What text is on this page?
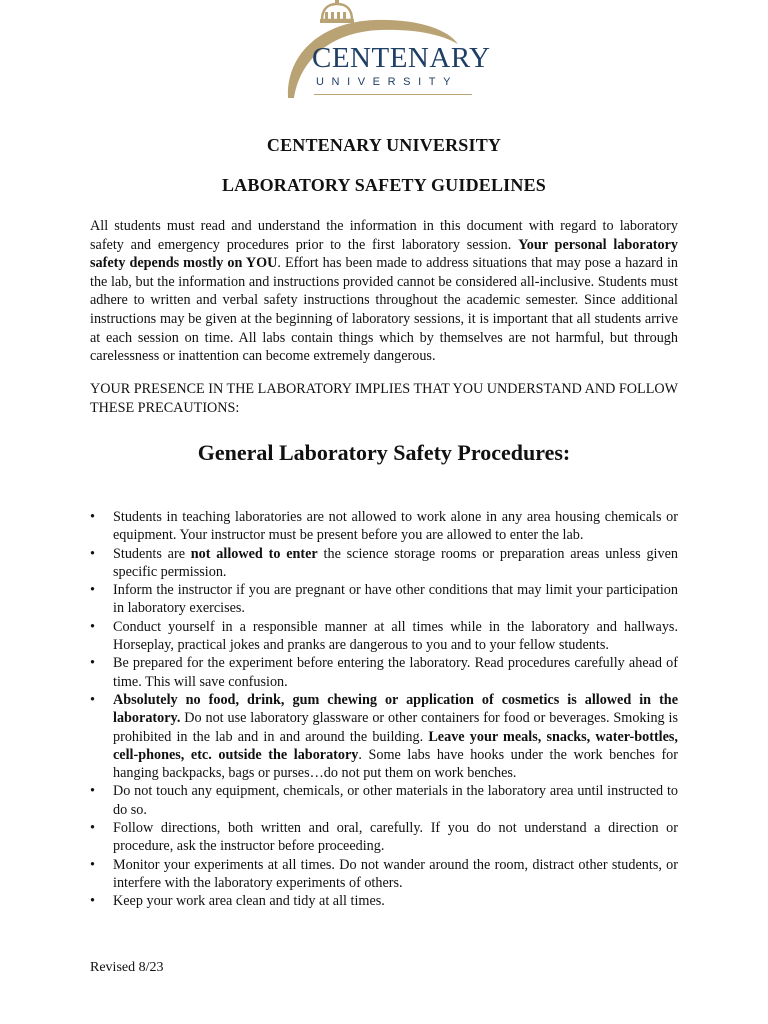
CENTENARY
UNIVERSITY
CENTENARY UNIVERSITY
LABORATORY SAFETY GUIDELINES

All students must read and understand the information in this document with regard to laboratory safety and emergency procedures prior to the first laboratory session. Your personal laboratory safety depends mostly on YOU. Effort has been made to address situations that may pose a hazard in the lab, but the information and instructions provided cannot be considered all-inclusive. Students must adhere to written and verbal safety instructions throughout the academic semester. Since additional instructions may be given at the beginning of laboratory sessions, it is important that all students arrive at each session on time. All labs contain things which by themselves are not harmful, but through carelessness or inattention can become extremely dangerous.

YOUR PRESENCE IN THE LABORATORY IMPLIES THAT YOU UNDERSTAND AND FOLLOW THESE PRECAUTIONS:

General Laboratory Safety Procedures:
• Students in teaching laboratories are not allowed to work alone in any area housing chemicals or equipment. Your instructor must be present before you are allowed to enter the lab.
• Students are not allowed to enter the science storage rooms or preparation areas unless given specific permission.
• Inform the instructor if you are pregnant or have other conditions that may limit your participation in laboratory exercises.
• Conduct yourself in a responsible manner at all times while in the laboratory and hallways. Horseplay, practical jokes and pranks are dangerous to you and to your fellow students.
• Be prepared for the experiment before entering the laboratory. Read procedures carefully ahead of time. This will save confusion.
• Absolutely no food, drink, gum chewing or application of cosmetics is allowed in the laboratory. Do not use laboratory glassware or other containers for food or beverages. Smoking is prohibited in the lab and in and around the building. Leave your meals, snacks, water-bottles, cell-phones, etc. outside the laboratory. Some labs have hooks under the work benches for hanging backpacks, bags or purses…do not put them on work benches.
• Do not touch any equipment, chemicals, or other materials in the laboratory area until instructed to do so.
• Follow directions, both written and oral, carefully. If you do not understand a direction or procedure, ask the instructor before proceeding.
• Monitor your experiments at all times. Do not wander around the room, distract other students, or interfere with the laboratory experiments of others.
• Keep your work area clean and tidy at all times.

Revised 8/23
